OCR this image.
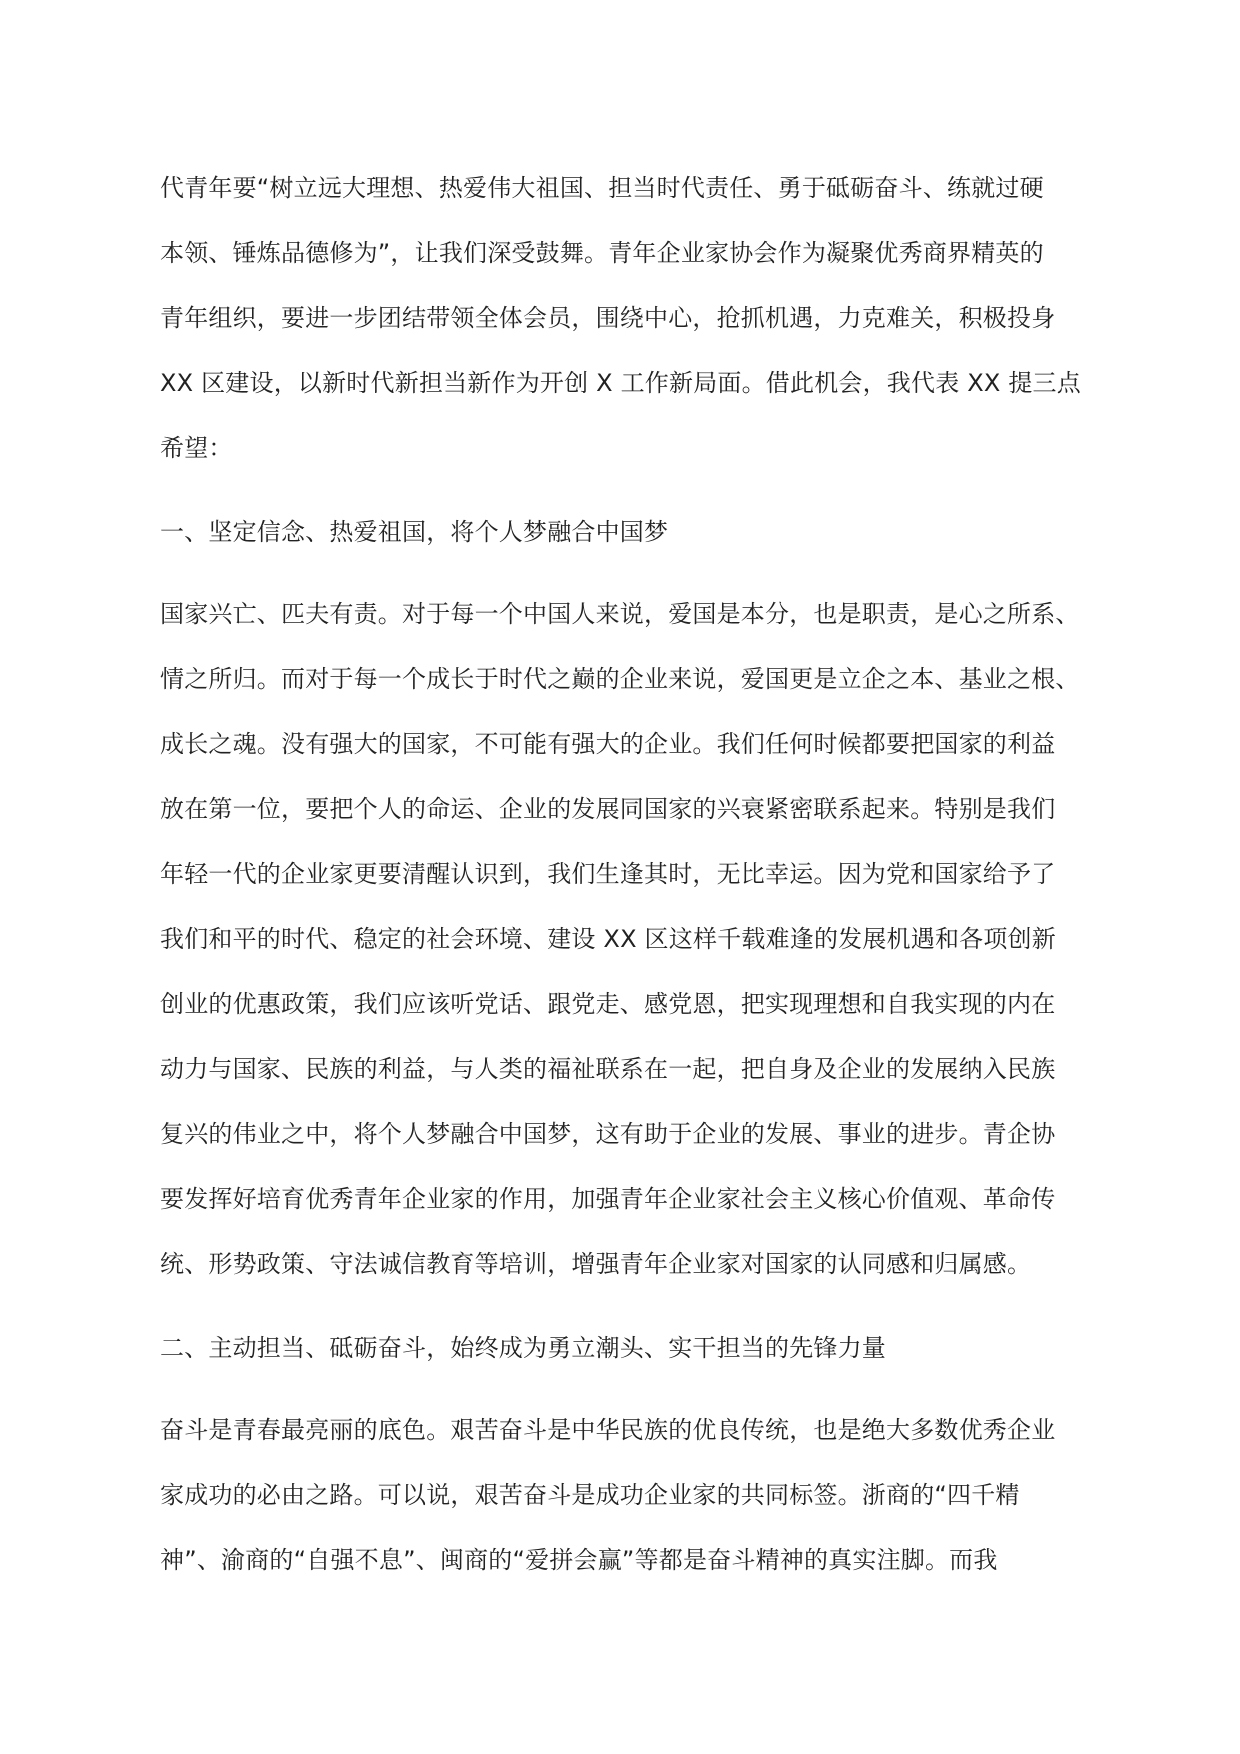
代青年要“树立远大理想、热爱伟大祖国、担当时代责任、勇于砥砺奋斗、练就过硬
本领、锤炼品德修为”，让我们深受鼓舞。青年企业家协会作为凝聚优秀商界精英的
青年组织，要进一步团结带领全体会员，围绕中心，抢抓机遇，力克难关，积极投身
XX 区建设，以新时代新担当新作为开创 X 工作新局面。借此机会，我代表 XX 提三点
希望：
一、坚定信念、热爱祖国，将个人梦融合中国梦
国家兴亡、匹夫有责。对于每一个中国人来说，爱国是本分，也是职责，是心之所系、
情之所归。而对于每一个成长于时代之巅的企业来说，爱国更是立企之本、基业之根、
成长之魂。没有强大的国家，不可能有强大的企业。我们任何时候都要把国家的利益
放在第一位，要把个人的命运、企业的发展同国家的兴衰紧密联系起来。特别是我们
年轻一代的企业家更要清醒认识到，我们生逢其时，无比幸运。因为党和国家给予了
我们和平的时代、稳定的社会环境、建设 XX 区这样千载难逢的发展机遇和各项创新
创业的优惠政策，我们应该听党话、跟党走、感党恩，把实现理想和自我实现的内在
动力与国家、民族的利益，与人类的福祉联系在一起，把自身及企业的发展纳入民族
复兴的伟业之中，将个人梦融合中国梦，这有助于企业的发展、事业的进步。青企协
要发挥好培育优秀青年企业家的作用，加强青年企业家社会主义核心价值观、革命传
统、形势政策、守法诚信教育等培训，增强青年企业家对国家的认同感和归属感。
二、主动担当、砥砺奋斗，始终成为勇立潮头、实干担当的先锋力量
奋斗是青春最亮丽的底色。艰苦奋斗是中华民族的优良传统，也是绝大多数优秀企业
家成功的必由之路。可以说，艰苦奋斗是成功企业家的共同标签。浙商的“四千精
神”、渝商的“自强不息”、闽商的“爱拼会赢”等都是奋斗精神的真实注脚。而我
